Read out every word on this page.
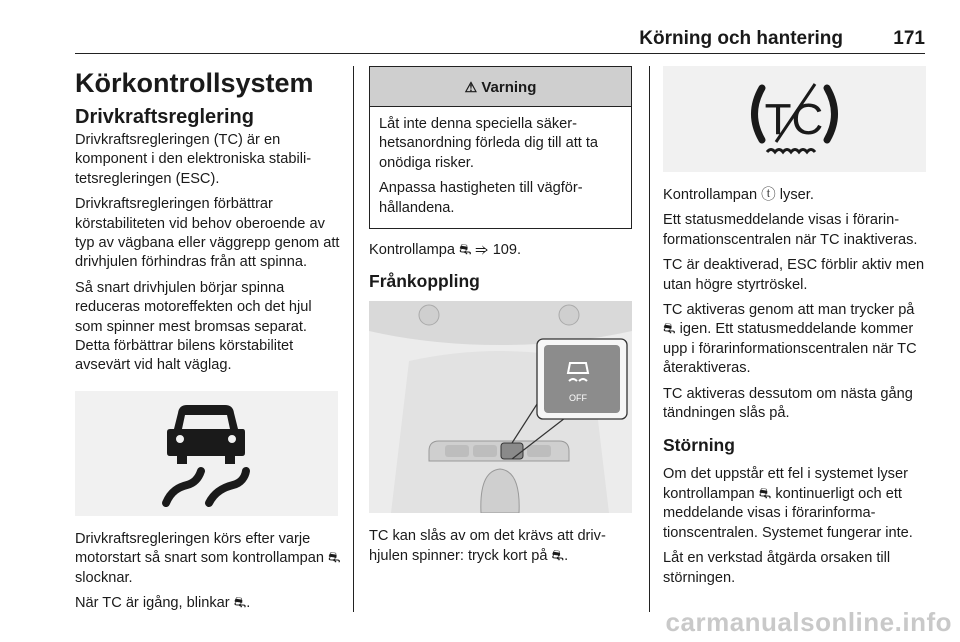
Körning och hantering	171
Körkontrollsystem
Drivkraftsreglering

Drivkraftsregleringen (TC) är en komponent i den elektroniska stabilitetsregleringen (ESC).

Drivkraftsregleringen förbättrar körstabiliteten vid behov oberoende av typ av vägbana eller väggrepp genom att drivhjulen förhindras från att spinna.

Så snart drivhjulen börjar spinna reduceras motoreffekten och det hjul som spinner mest bromsas separat. Detta förbättrar bilens körstabilitet avsevärt vid halt väglag.

Drivkraftsregleringen körs efter varje motorstart så snart som kontrollampan ⛐ slocknar.

När TC är igång, blinkar ⛐.

⚠ Varning

Låt inte denna speciella säkerhetsanordning förleda dig till att ta onödiga risker.

Anpassa hastigheten till vägförhållandena.

Kontrollampa ⛐ ⇒ 109.

Frånkoppling
OFF

TC kan slås av om det krävs att drivhjulen spinner: tryck kort på ⛐.

TC

Kontrollampan ⓣ lyser.

Ett statusmeddelande visas i förarinformationscentralen när TC inaktiveras.

TC är deaktiverad, ESC förblir aktiv men utan högre styrtröskel.

TC aktiveras genom att man trycker på ⛐ igen. Ett statusmeddelande kommer upp i förarinformationscentralen när TC återaktiveras.

TC aktiveras dessutom om nästa gång tändningen slås på.

Störning

Om det uppstår ett fel i systemet lyser kontrollampan ⛐ kontinuerligt och ett meddelande visas i förarinformationscentralen. Systemet fungerar inte.

Låt en verkstad åtgärda orsaken till störningen.

carmanualsonline.info
